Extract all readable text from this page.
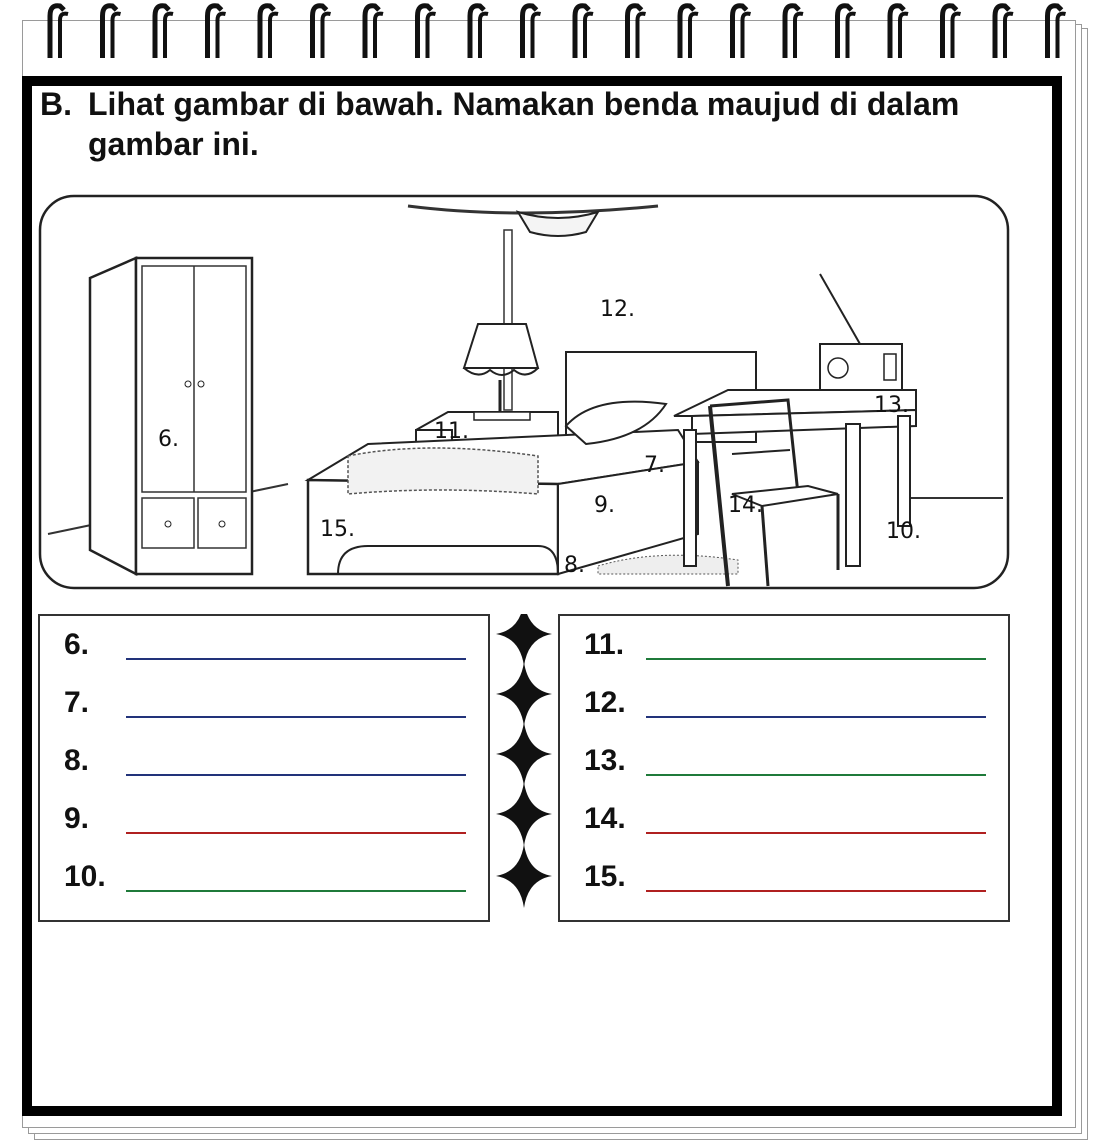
B. Lihat gambar di bawah. Namakan benda maujud di dalam gambar ini.
6.
7.
8.
9.
10.
11.
12.
13.
14.
15.
6.
7.
8.
9.
10.
11.
12.
13.
14.
15.
